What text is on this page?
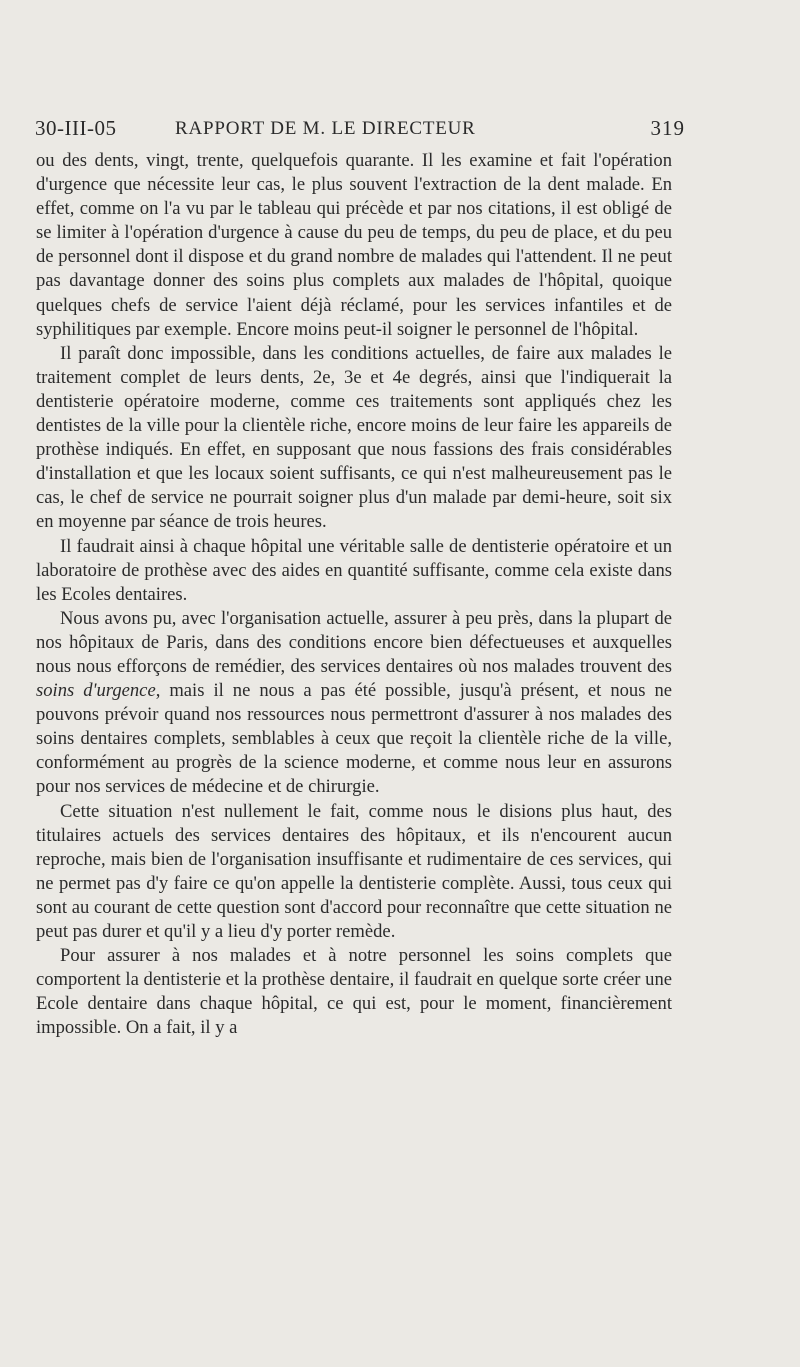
30-III-05	RAPPORT DE M. LE DIRECTEUR	319

ou des dents, vingt, trente, quelquefois quarante. Il les examine et fait l'opération d'urgence que nécessite leur cas, le plus souvent l'extraction de la dent malade. En effet, comme on l'a vu par le tableau qui précède et par nos citations, il est obligé de se limiter à l'opération d'urgence à cause du peu de temps, du peu de place, et du peu de personnel dont il dispose et du grand nombre de malades qui l'attendent. Il ne peut pas davantage donner des soins plus complets aux malades de l'hôpital, quoique quelques chefs de service l'aient déjà réclamé, pour les services infantiles et de syphilitiques par exemple. Encore moins peut-il soigner le personnel de l'hôpital.

Il paraît donc impossible, dans les conditions actuelles, de faire aux malades le traitement complet de leurs dents, 2e, 3e et 4e degrés, ainsi que l'indiquerait la dentisterie opératoire moderne, comme ces traitements sont appliqués chez les dentistes de la ville pour la clientèle riche, encore moins de leur faire les appareils de prothèse indiqués. En effet, en supposant que nous fassions des frais considérables d'installation et que les locaux soient suffisants, ce qui n'est malheureusement pas le cas, le chef de service ne pourrait soigner plus d'un malade par demi-heure, soit six en moyenne par séance de trois heures.

Il faudrait ainsi à chaque hôpital une véritable salle de dentisterie opératoire et un laboratoire de prothèse avec des aides en quantité suffisante, comme cela existe dans les Ecoles dentaires.

Nous avons pu, avec l'organisation actuelle, assurer à peu près, dans la plupart de nos hôpitaux de Paris, dans des conditions encore bien défectueuses et auxquelles nous nous efforçons de remédier, des services dentaires où nos malades trouvent des soins d'urgence, mais il ne nous a pas été possible, jusqu'à présent, et nous ne pouvons prévoir quand nos ressources nous permettront d'assurer à nos malades des soins dentaires complets, semblables à ceux que reçoit la clientèle riche de la ville, conformément au progrès de la science moderne, et comme nous leur en assurons pour nos services de médecine et de chirurgie.

Cette situation n'est nullement le fait, comme nous le disions plus haut, des titulaires actuels des services dentaires des hôpitaux, et ils n'encourent aucun reproche, mais bien de l'organisation insuffisante et rudimentaire de ces services, qui ne permet pas d'y faire ce qu'on appelle la dentisterie complète. Aussi, tous ceux qui sont au courant de cette question sont d'accord pour reconnaître que cette situation ne peut pas durer et qu'il y a lieu d'y porter remède.

Pour assurer à nos malades et à notre personnel les soins complets que comportent la dentisterie et la prothèse dentaire, il faudrait en quelque sorte créer une Ecole dentaire dans chaque hôpital, ce qui est, pour le moment, financièrement impossible. On a fait, il y a
